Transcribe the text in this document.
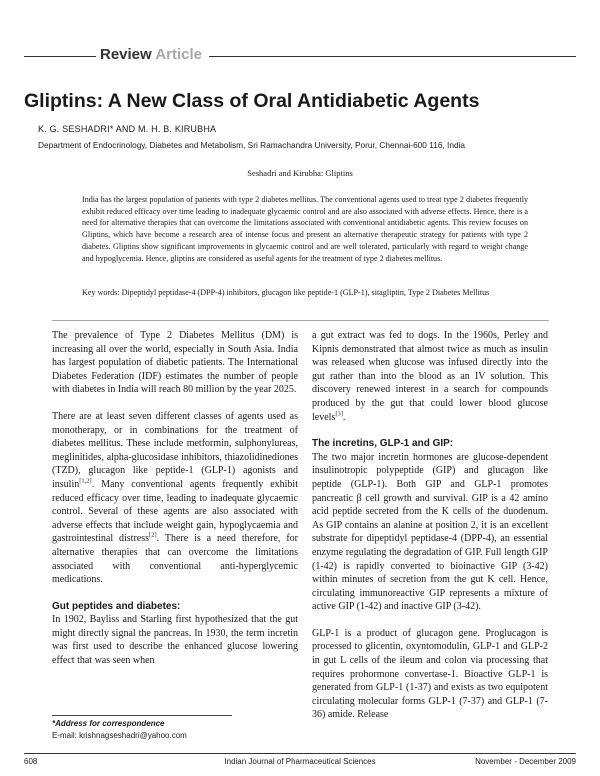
Review Article
Gliptins: A New Class of Oral Antidiabetic Agents
K. G. SESHADRI* AND M. H. B. KIRUBHA
Department of Endocrinology, Diabetes and Metabolism, Sri Ramachandra University, Porur, Chennai-600 116, India
Seshadri and Kirubha: Gliptins
India has the largest population of patients with type 2 diabetes mellitus. The conventional agents used to treat type 2 diabetes frequently exhibit reduced efficacy over time leading to inadequate glycaemic control and are also associated with adverse effects. Hence, there is a need for alternative therapies that can overcome the limitations associated with conventional antidiabetic agents. This review focuses on Gliptins, which have become a research area of intense focus and present an alternative therapeutic strategy for patients with type 2 diabetes. Gliptins show significant improvements in glycaemic control and are well tolerated, particularly with regard to weight change and hypoglycemia. Hence, gliptins are considered as useful agents for the treatment of type 2 diabetes mellitus.
Key words: Dipeptidyl peptidase-4 (DPP-4) inhibitors, glucagon like peptide-1 (GLP-1), sitagliptin, Type 2 Diabetes Mellitus

The prevalence of Type 2 Diabetes Mellitus (DM) is increasing all over the world, especially in South Asia. India has largest population of diabetic patients. The International Diabetes Federation (IDF) estimates the number of people with diabetes in India will reach 80 million by the year 2025.

There are at least seven different classes of agents used as monotherapy, or in combinations for the treatment of diabetes mellitus. These include metformin, sulphonylureas, meglinitides, alpha-glucosidase inhibitors, thiazolidinediones (TZD), glucagon like peptide-1 (GLP-1) agonists and insulin[1,2]. Many conventional agents frequently exhibit reduced efficacy over time, leading to inadequate glycaemic control. Several of these agents are also associated with adverse effects that include weight gain, hypoglycaemia and gastrointestinal distress[2]. There is a need therefore, for alternative therapies that can overcome the limitations associated with conventional anti-hyperglycemic medications.

Gut peptides and diabetes:

In 1902, Bayliss and Starling first hypothesized that the gut might directly signal the pancreas. In 1930, the term incretin was first used to describe the enhanced glucose lowering effect that was seen when

a gut extract was fed to dogs. In the 1960s, Perley and Kipnis demonstrated that almost twice as much as insulin was released when glucose was infused directly into the gut rather than into the blood as an IV solution. This discovery renewed interest in a search for compounds produced by the gut that could lower blood glucose levels[3].

The incretins, GLP-1 and GIP:

The two major incretin hormones are glucose-dependent insulinotropic polypeptide (GIP) and glucagon like peptide (GLP-1). Both GIP and GLP-1 promotes pancreatic β cell growth and survival. GIP is a 42 amino acid peptide secreted from the K cells of the duodenum. As GIP contains an alanine at position 2, it is an excellent substrate for dipeptidyl peptidase-4 (DPP-4), an essential enzyme regulating the degradation of GIP. Full length GIP (1-42) is rapidly converted to bioinactive GIP (3-42) within minutes of secretion from the gut K cell. Hence, circulating immunoreactive GIP represents a mixture of active GIP (1-42) and inactive GIP (3-42).

GLP-1 is a product of glucagon gene. Proglucagon is processed to glicentin, oxyntomodulin, GLP-1 and GLP-2 in gut L cells of the ileum and colon via processing that requires prohormone convertase-1. Bioactive GLP-1 is generated from GLP-1 (1-37) and exists as two equipotent circulating molecular forms GLP-1 (7-37) and GLP-1 (7-36) amide. Release

*Address for correspondence
E-mail: krishnagseshadri@yahoo.com
608	Indian Journal of Pharmaceutical Sciences	November - December 2009
